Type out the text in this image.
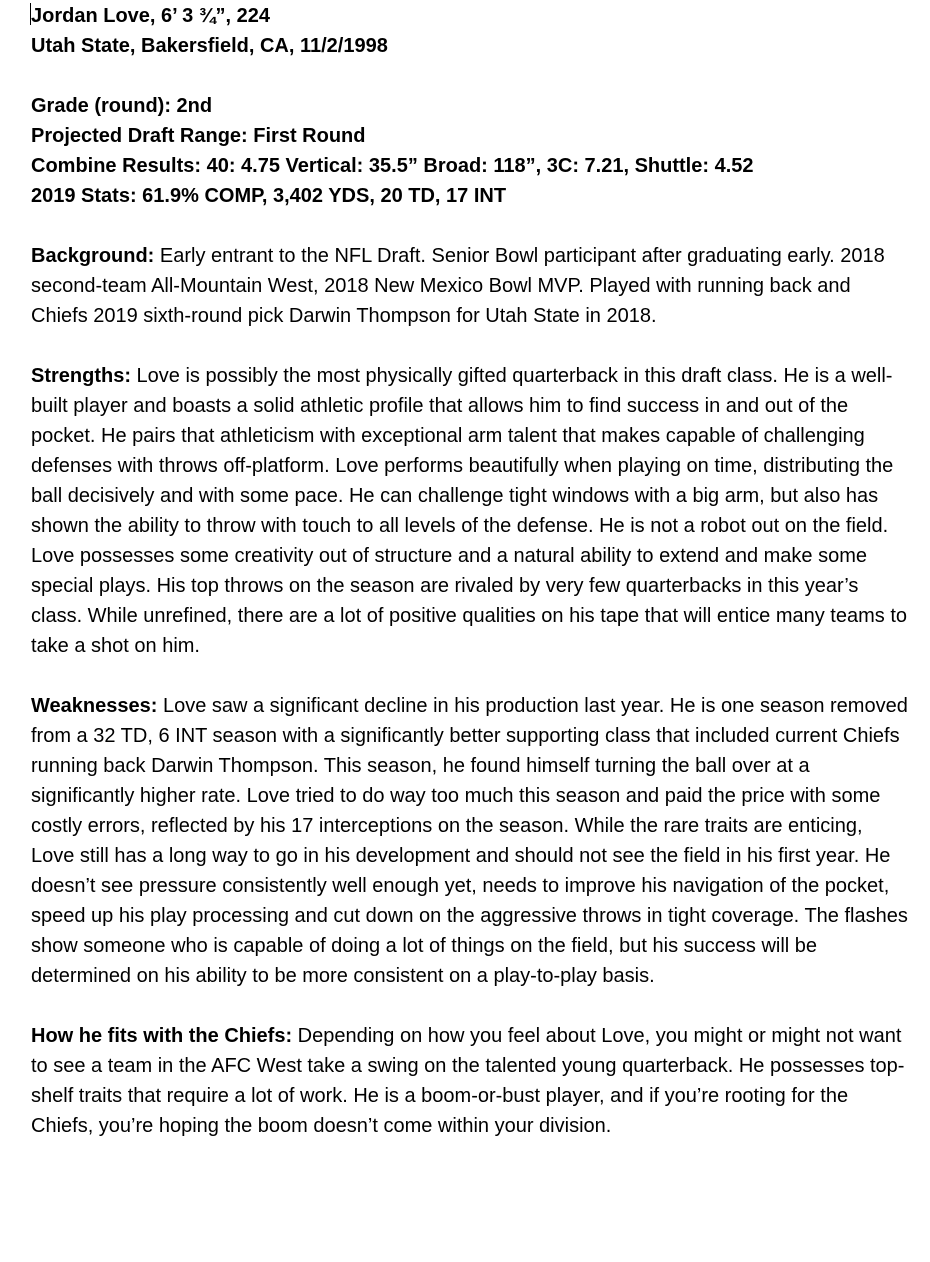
Jordan Love, 6’ 3 ¾”, 224

Utah State, Bakersfield, CA, 11/2/1998

Grade (round): 2nd

Projected Draft Range: First Round

Combine Results: 40: 4.75 Vertical: 35.5” Broad: 118”, 3C: 7.21, Shuttle: 4.52

2019 Stats: 61.9% COMP, 3,402 YDS, 20 TD, 17 INT

Background: Early entrant to the NFL Draft. Senior Bowl participant after graduating early. 2018 second-team All-Mountain West, 2018 New Mexico Bowl MVP. Played with running back and Chiefs 2019 sixth-round pick Darwin Thompson for Utah State in 2018.

Strengths: Love is possibly the most physically gifted quarterback in this draft class. He is a well-built player and boasts a solid athletic profile that allows him to find success in and out of the pocket. He pairs that athleticism with exceptional arm talent that makes capable of challenging defenses with throws off-platform. Love performs beautifully when playing on time, distributing the ball decisively and with some pace. He can challenge tight windows with a big arm, but also has shown the ability to throw with touch to all levels of the defense. He is not a robot out on the field. Love possesses some creativity out of structure and a natural ability to extend and make some special plays. His top throws on the season are rivaled by very few quarterbacks in this year’s class. While unrefined, there are a lot of positive qualities on his tape that will entice many teams to take a shot on him.

Weaknesses: Love saw a significant decline in his production last year. He is one season removed from a 32 TD, 6 INT season with a significantly better supporting class that included current Chiefs running back Darwin Thompson. This season, he found himself turning the ball over at a significantly higher rate. Love tried to do way too much this season and paid the price with some costly errors, reflected by his 17 interceptions on the season. While the rare traits are enticing, Love still has a long way to go in his development and should not see the field in his first year. He doesn’t see pressure consistently well enough yet, needs to improve his navigation of the pocket, speed up his play processing and cut down on the aggressive throws in tight coverage. The flashes show someone who is capable of doing a lot of things on the field, but his success will be determined on his ability to be more consistent on a play-to-play basis.

How he fits with the Chiefs: Depending on how you feel about Love, you might or might not want to see a team in the AFC West take a swing on the talented young quarterback. He possesses top-shelf traits that require a lot of work. He is a boom-or-bust player, and if you’re rooting for the Chiefs, you’re hoping the boom doesn’t come within your division.
